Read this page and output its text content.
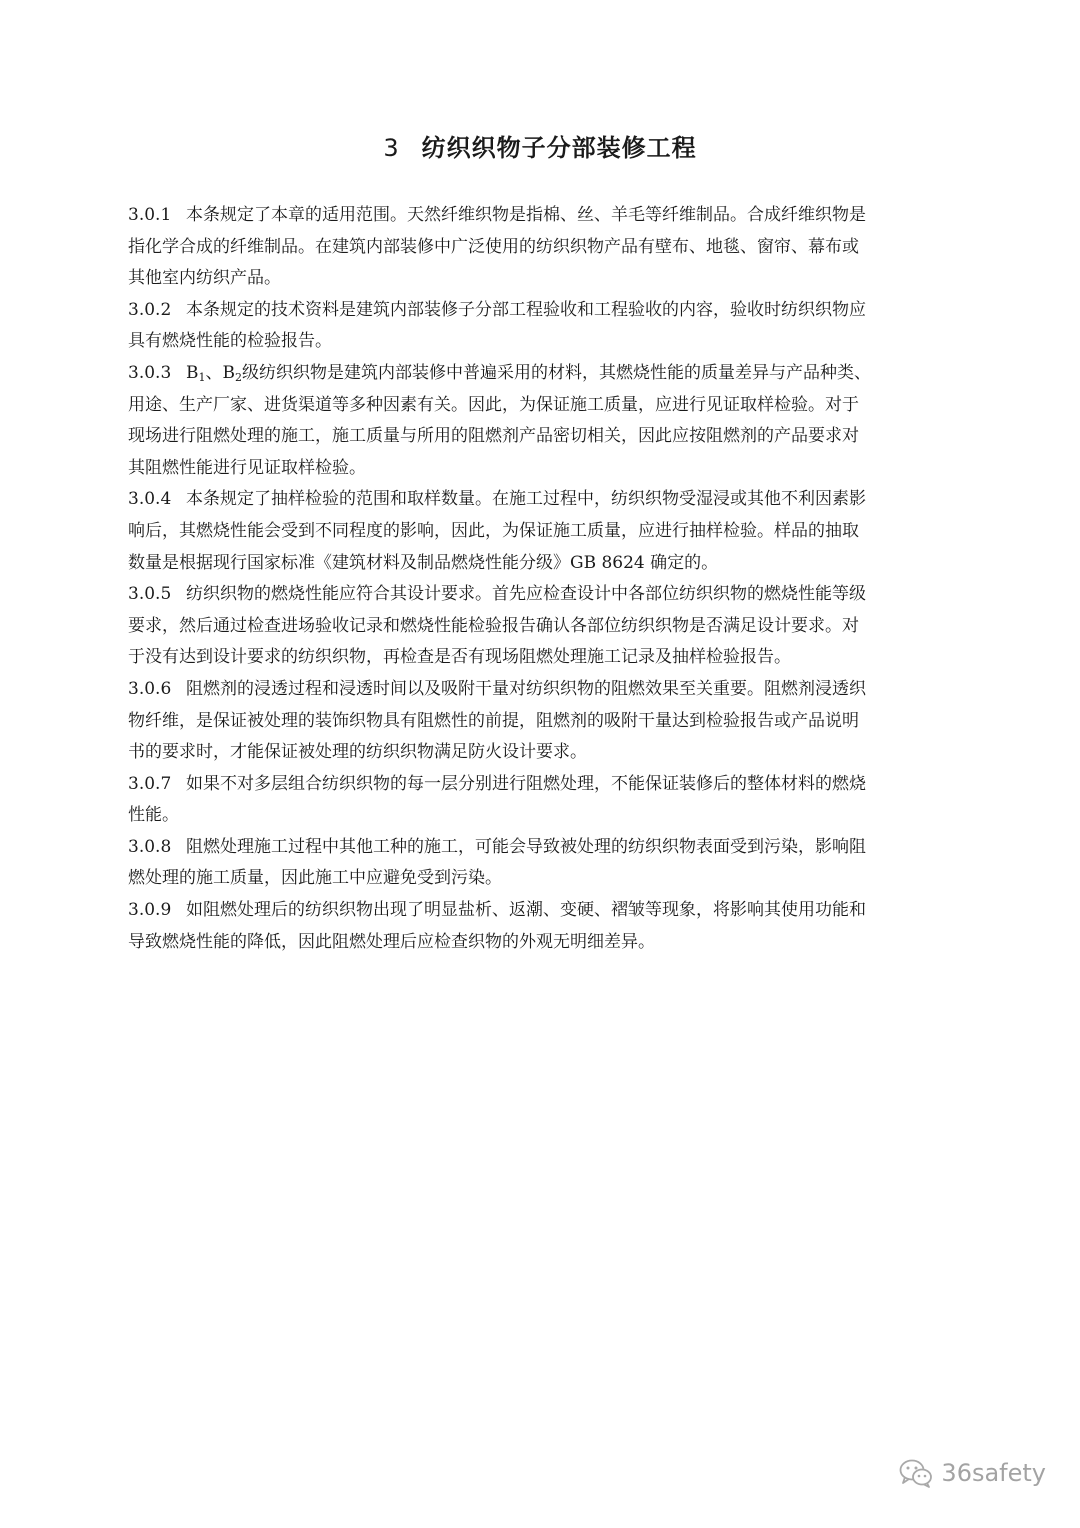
3 纺织织物子分部装修工程

3.0.1 本条规定了本章的适用范围。天然纤维织物是指棉、丝、羊毛等纤维制品。合成纤维织物是
指化学合成的纤维制品。在建筑内部装修中广泛使用的纺织织物产品有壁布、地毯、窗帘、幕布或
其他室内纺织产品。

3.0.2 本条规定的技术资料是建筑内部装修子分部工程验收和工程验收的内容，验收时纺织织物应
具有燃烧性能的检验报告。

3.0.3 $B_1$、$B_2$级纺织织物是建筑内部装修中普遍采用的材料，其燃烧性能的质量差异与产品种类、
用途、生产厂家、进货渠道等多种因素有关。因此，为保证施工质量，应进行见证取样检验。对于
现场进行阻燃处理的施工，施工质量与所用的阻燃剂产品密切相关，因此应按阻燃剂的产品要求对
其阻燃性能进行见证取样检验。

3.0.4 本条规定了抽样检验的范围和取样数量。在施工过程中，纺织织物受湿浸或其他不利因素影
响后，其燃烧性能会受到不同程度的影响，因此，为保证施工质量，应进行抽样检验。样品的抽取
数量是根据现行国家标准《建筑材料及制品燃烧性能分级》GB 8624 确定的。

3.0.5 纺织织物的燃烧性能应符合其设计要求。首先应检查设计中各部位纺织织物的燃烧性能等级
要求，然后通过检查进场验收记录和燃烧性能检验报告确认各部位纺织织物是否满足设计要求。对
于没有达到设计要求的纺织织物，再检查是否有现场阻燃处理施工记录及抽样检验报告。

3.0.6 阻燃剂的浸透过程和浸透时间以及吸附干量对纺织织物的阻燃效果至关重要。阻燃剂浸透织
物纤维，是保证被处理的装饰织物具有阻燃性的前提，阻燃剂的吸附干量达到检验报告或产品说明
书的要求时，才能保证被处理的纺织织物满足防火设计要求。

3.0.7 如果不对多层组合纺织织物的每一层分别进行阻燃处理，不能保证装修后的整体材料的燃烧
性能。

3.0.8 阻燃处理施工过程中其他工种的施工，可能会导致被处理的纺织织物表面受到污染，影响阻
燃处理的施工质量，因此施工中应避免受到污染。

3.0.9 如阻燃处理后的纺织织物出现了明显盐析、返潮、变硬、褶皱等现象，将影响其使用功能和
导致燃烧性能的降低，因此阻燃处理后应检查织物的外观无明细差异。

36safety
